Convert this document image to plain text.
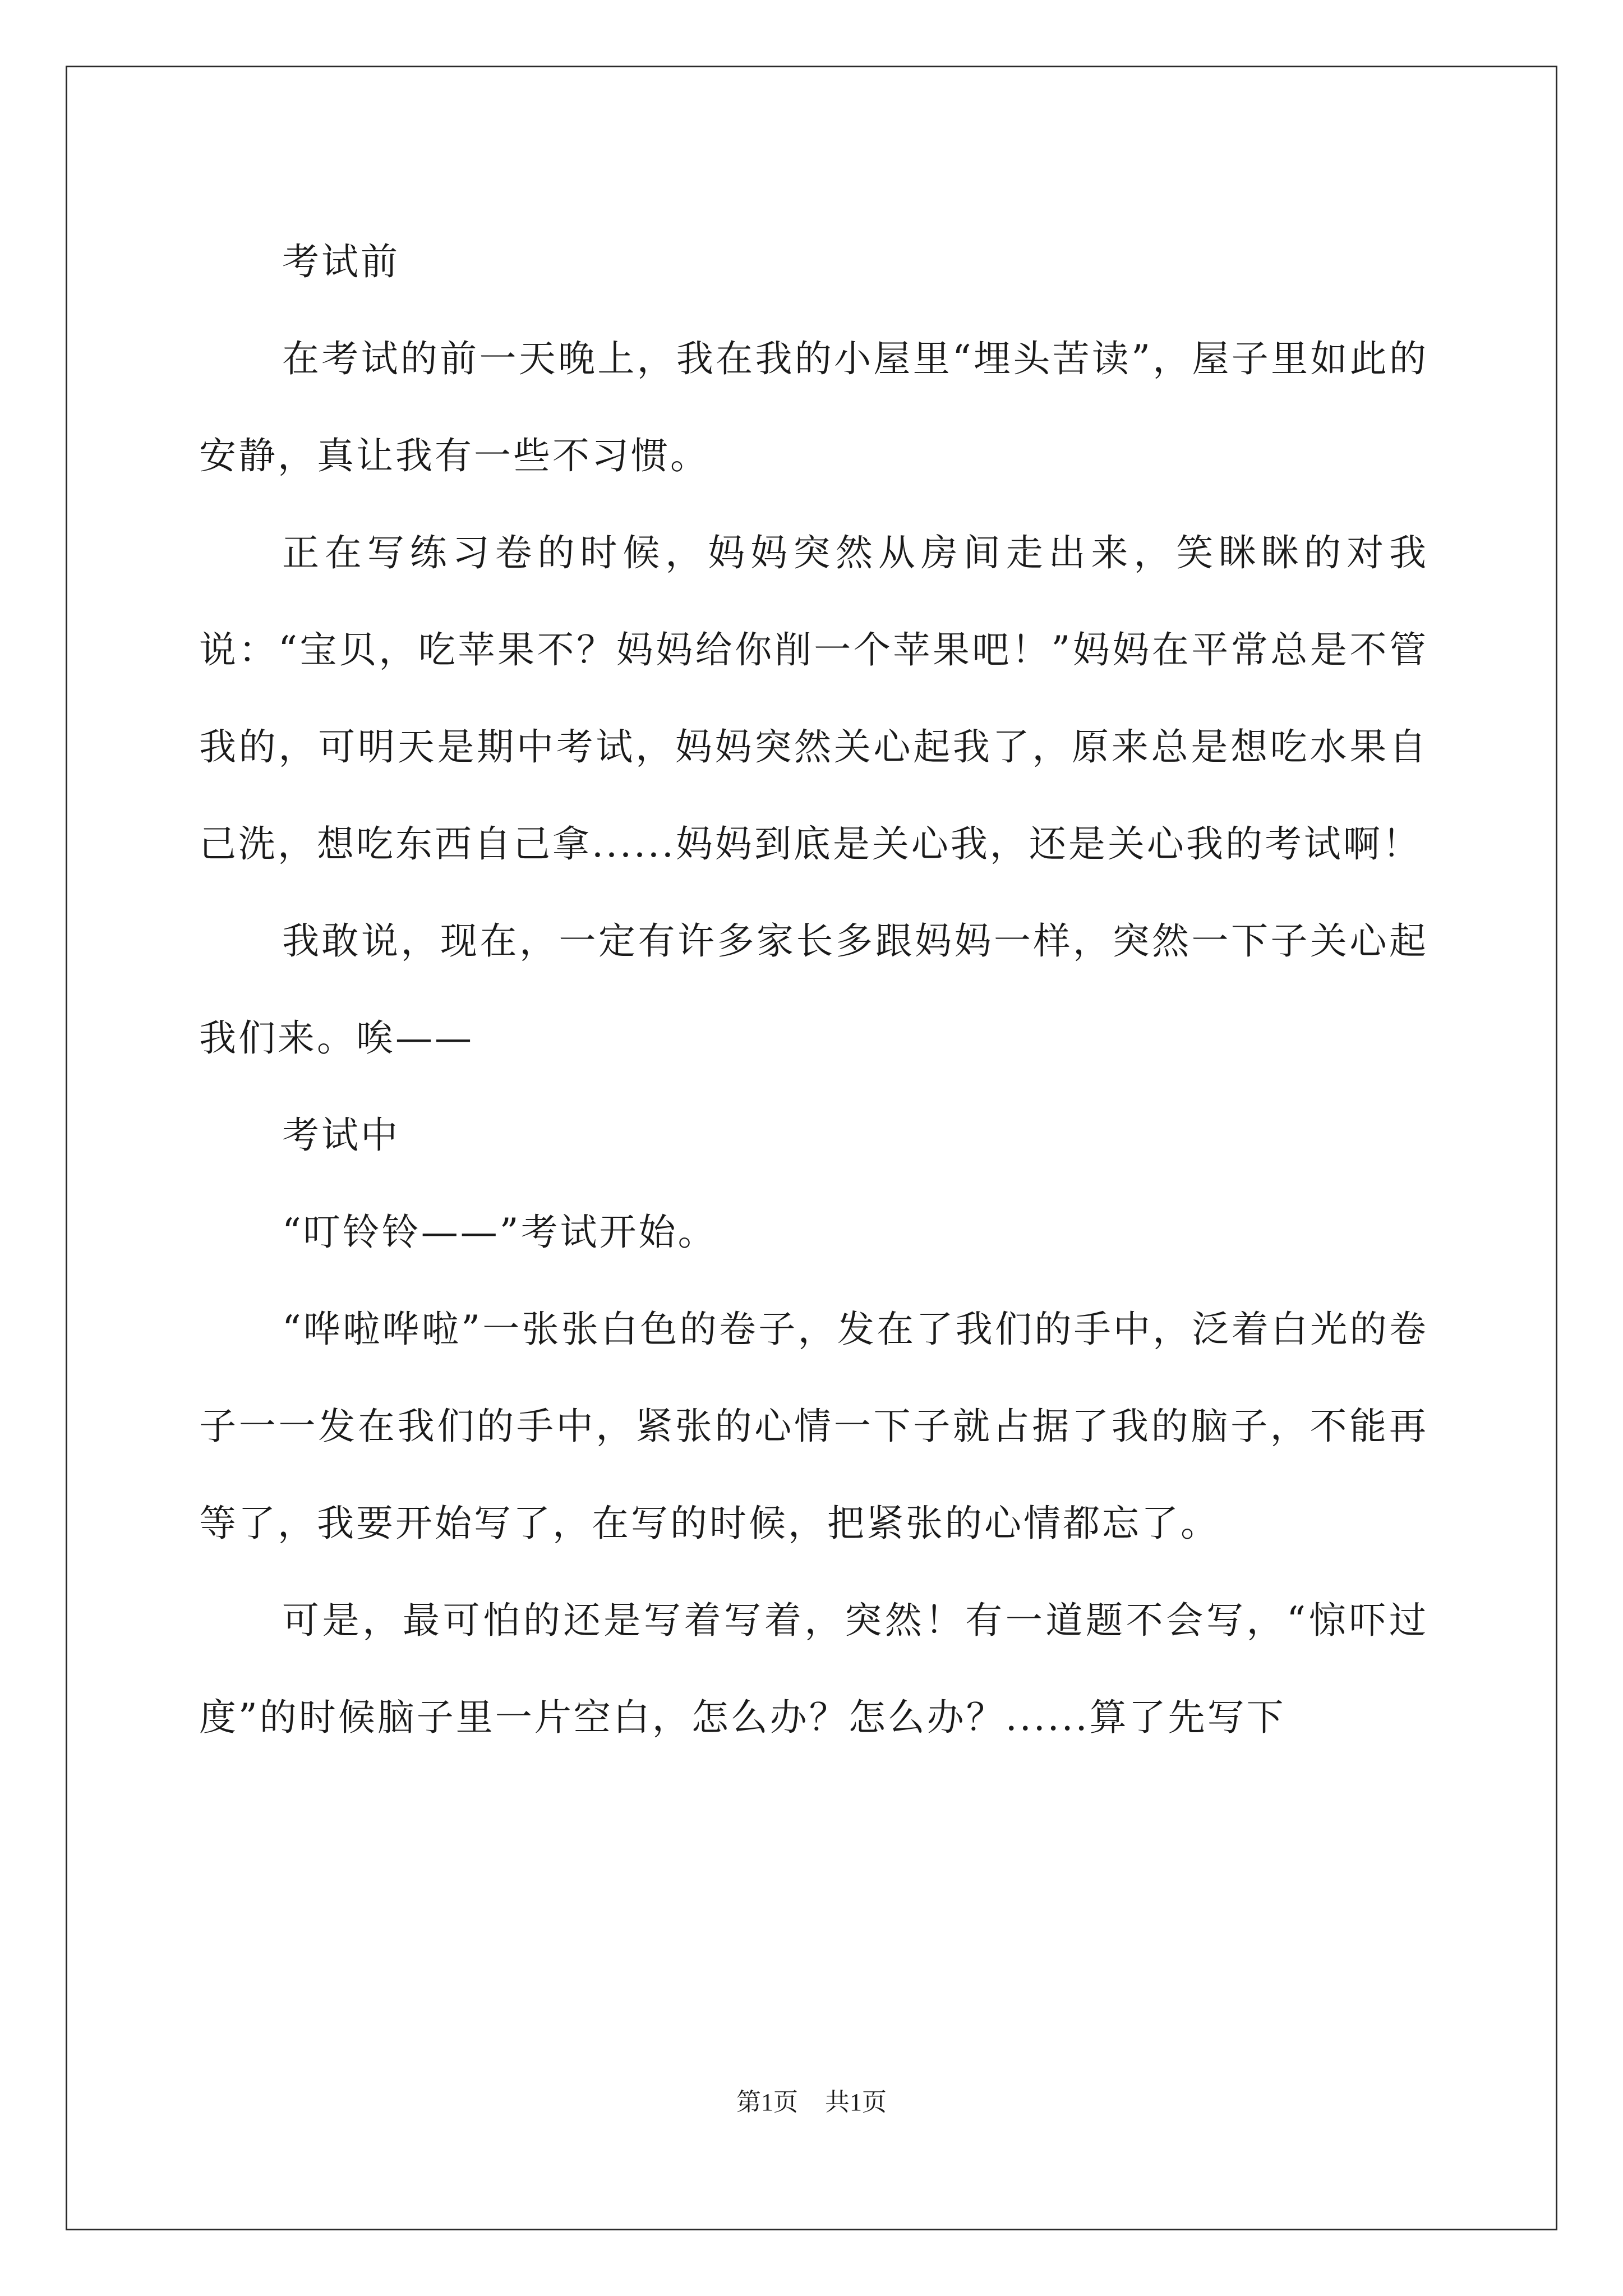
考试前

在考试的前一天晚上，我在我的小屋里“埋头苦读”，屋子里如此的安静，真让我有一些不习惯。

正在写练习卷的时候，妈妈突然从房间走出来，笑眯眯的对我说：“宝贝，吃苹果不？妈妈给你削一个苹果吧！”妈妈在平常总是不管我的，可明天是期中考试，妈妈突然关心起我了，原来总是想吃水果自己洗，想吃东西自己拿......妈妈到底是关心我，还是关心我的考试啊！

我敢说，现在，一定有许多家长多跟妈妈一样，突然一下子关心起我们来。唉——

考试中

“叮铃铃——”考试开始。

“哗啦哗啦”一张张白色的卷子，发在了我们的手中，泛着白光的卷子一一发在我们的手中，紧张的心情一下子就占据了我的脑子，不能再等了，我要开始写了，在写的时候，把紧张的心情都忘了。

可是，最可怕的还是写着写着，突然！有一道题不会写，“惊吓过度”的时候脑子里一片空白，怎么办？怎么办？......算了先写下

第1页 共1页
